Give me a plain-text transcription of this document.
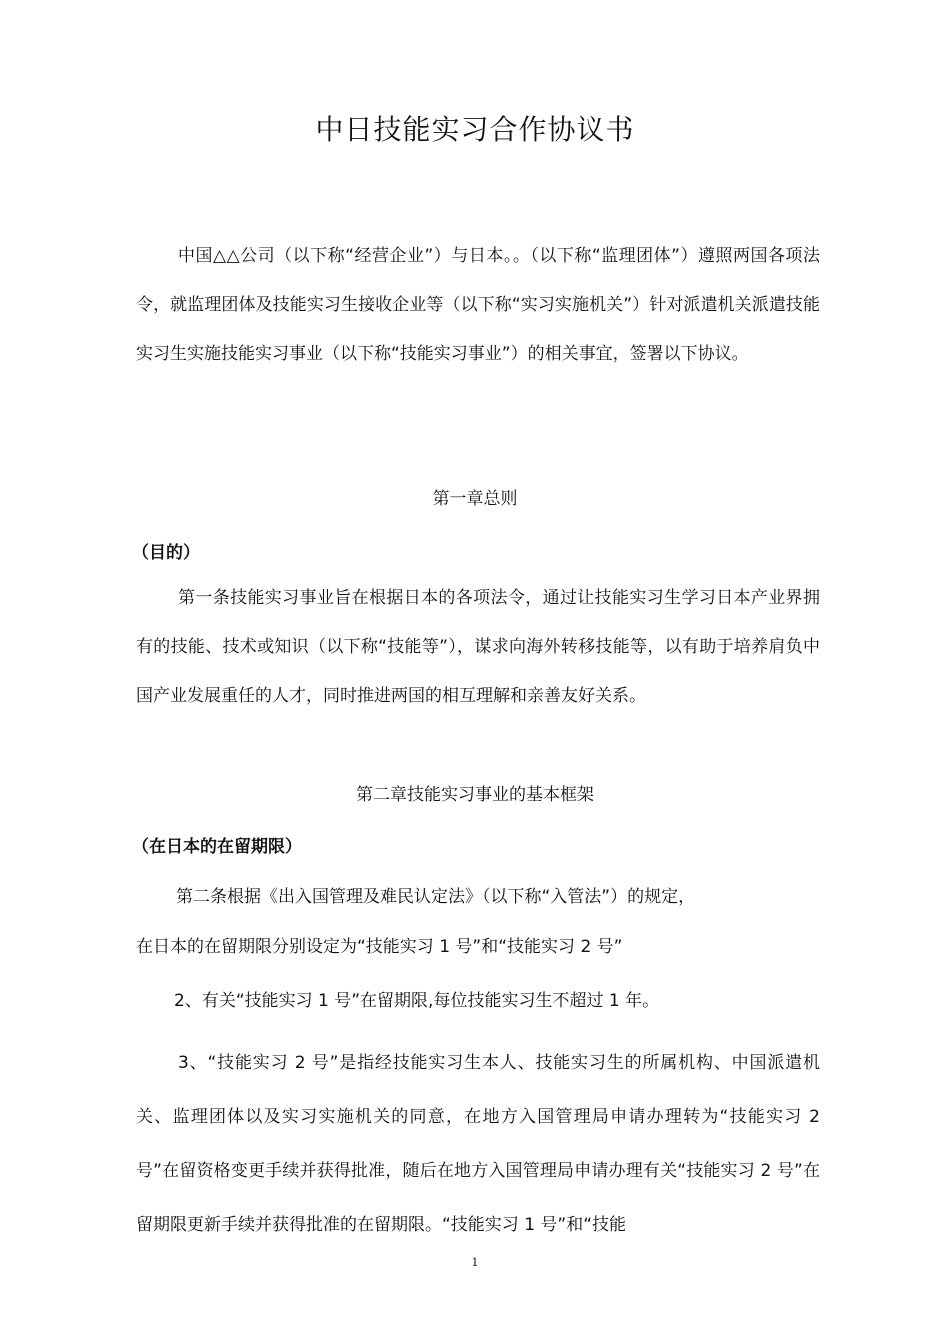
中日技能实习合作协议书
中国△△公司（以下称“经营企业”）与日本。。（以下称“监理团体”）遵照两国各项法令，就监理团体及技能实习生接收企业等（以下称“实习实施机关”）针对派遣机关派遣技能实习生实施技能实习事业（以下称“技能实习事业”）的相关事宜，签署以下协议。
第一章总则
（目的）
第一条技能实习事业旨在根据日本的各项法令，通过让技能实习生学习日本产业界拥有的技能、技术或知识（以下称“技能等”），谋求向海外转移技能等，以有助于培养肩负中国产业发展重任的人才，同时推进两国的相互理解和亲善友好关系。
第二章技能实习事业的基本框架
（在日本的在留期限）
第二条根据《出入国管理及难民认定法》（以下称“入管法”）的规定，
在日本的在留期限分别设定为“技能实习 1 号”和“技能实习 2 号”
2、有关“技能实习 1 号”在留期限,每位技能实习生不超过 1 年。
3、“技能实习 2 号”是指经技能实习生本人、技能实习生的所属机构、中国派遣机关、监理团体以及实习实施机关的同意，在地方入国管理局申请办理转为“技能实习 2 号”在留资格变更手续并获得批准，随后在地方入国管理局申请办理有关“技能实习 2 号”在留期限更新手续并获得批准的在留期限。“技能实习 1 号”和“技能
1
